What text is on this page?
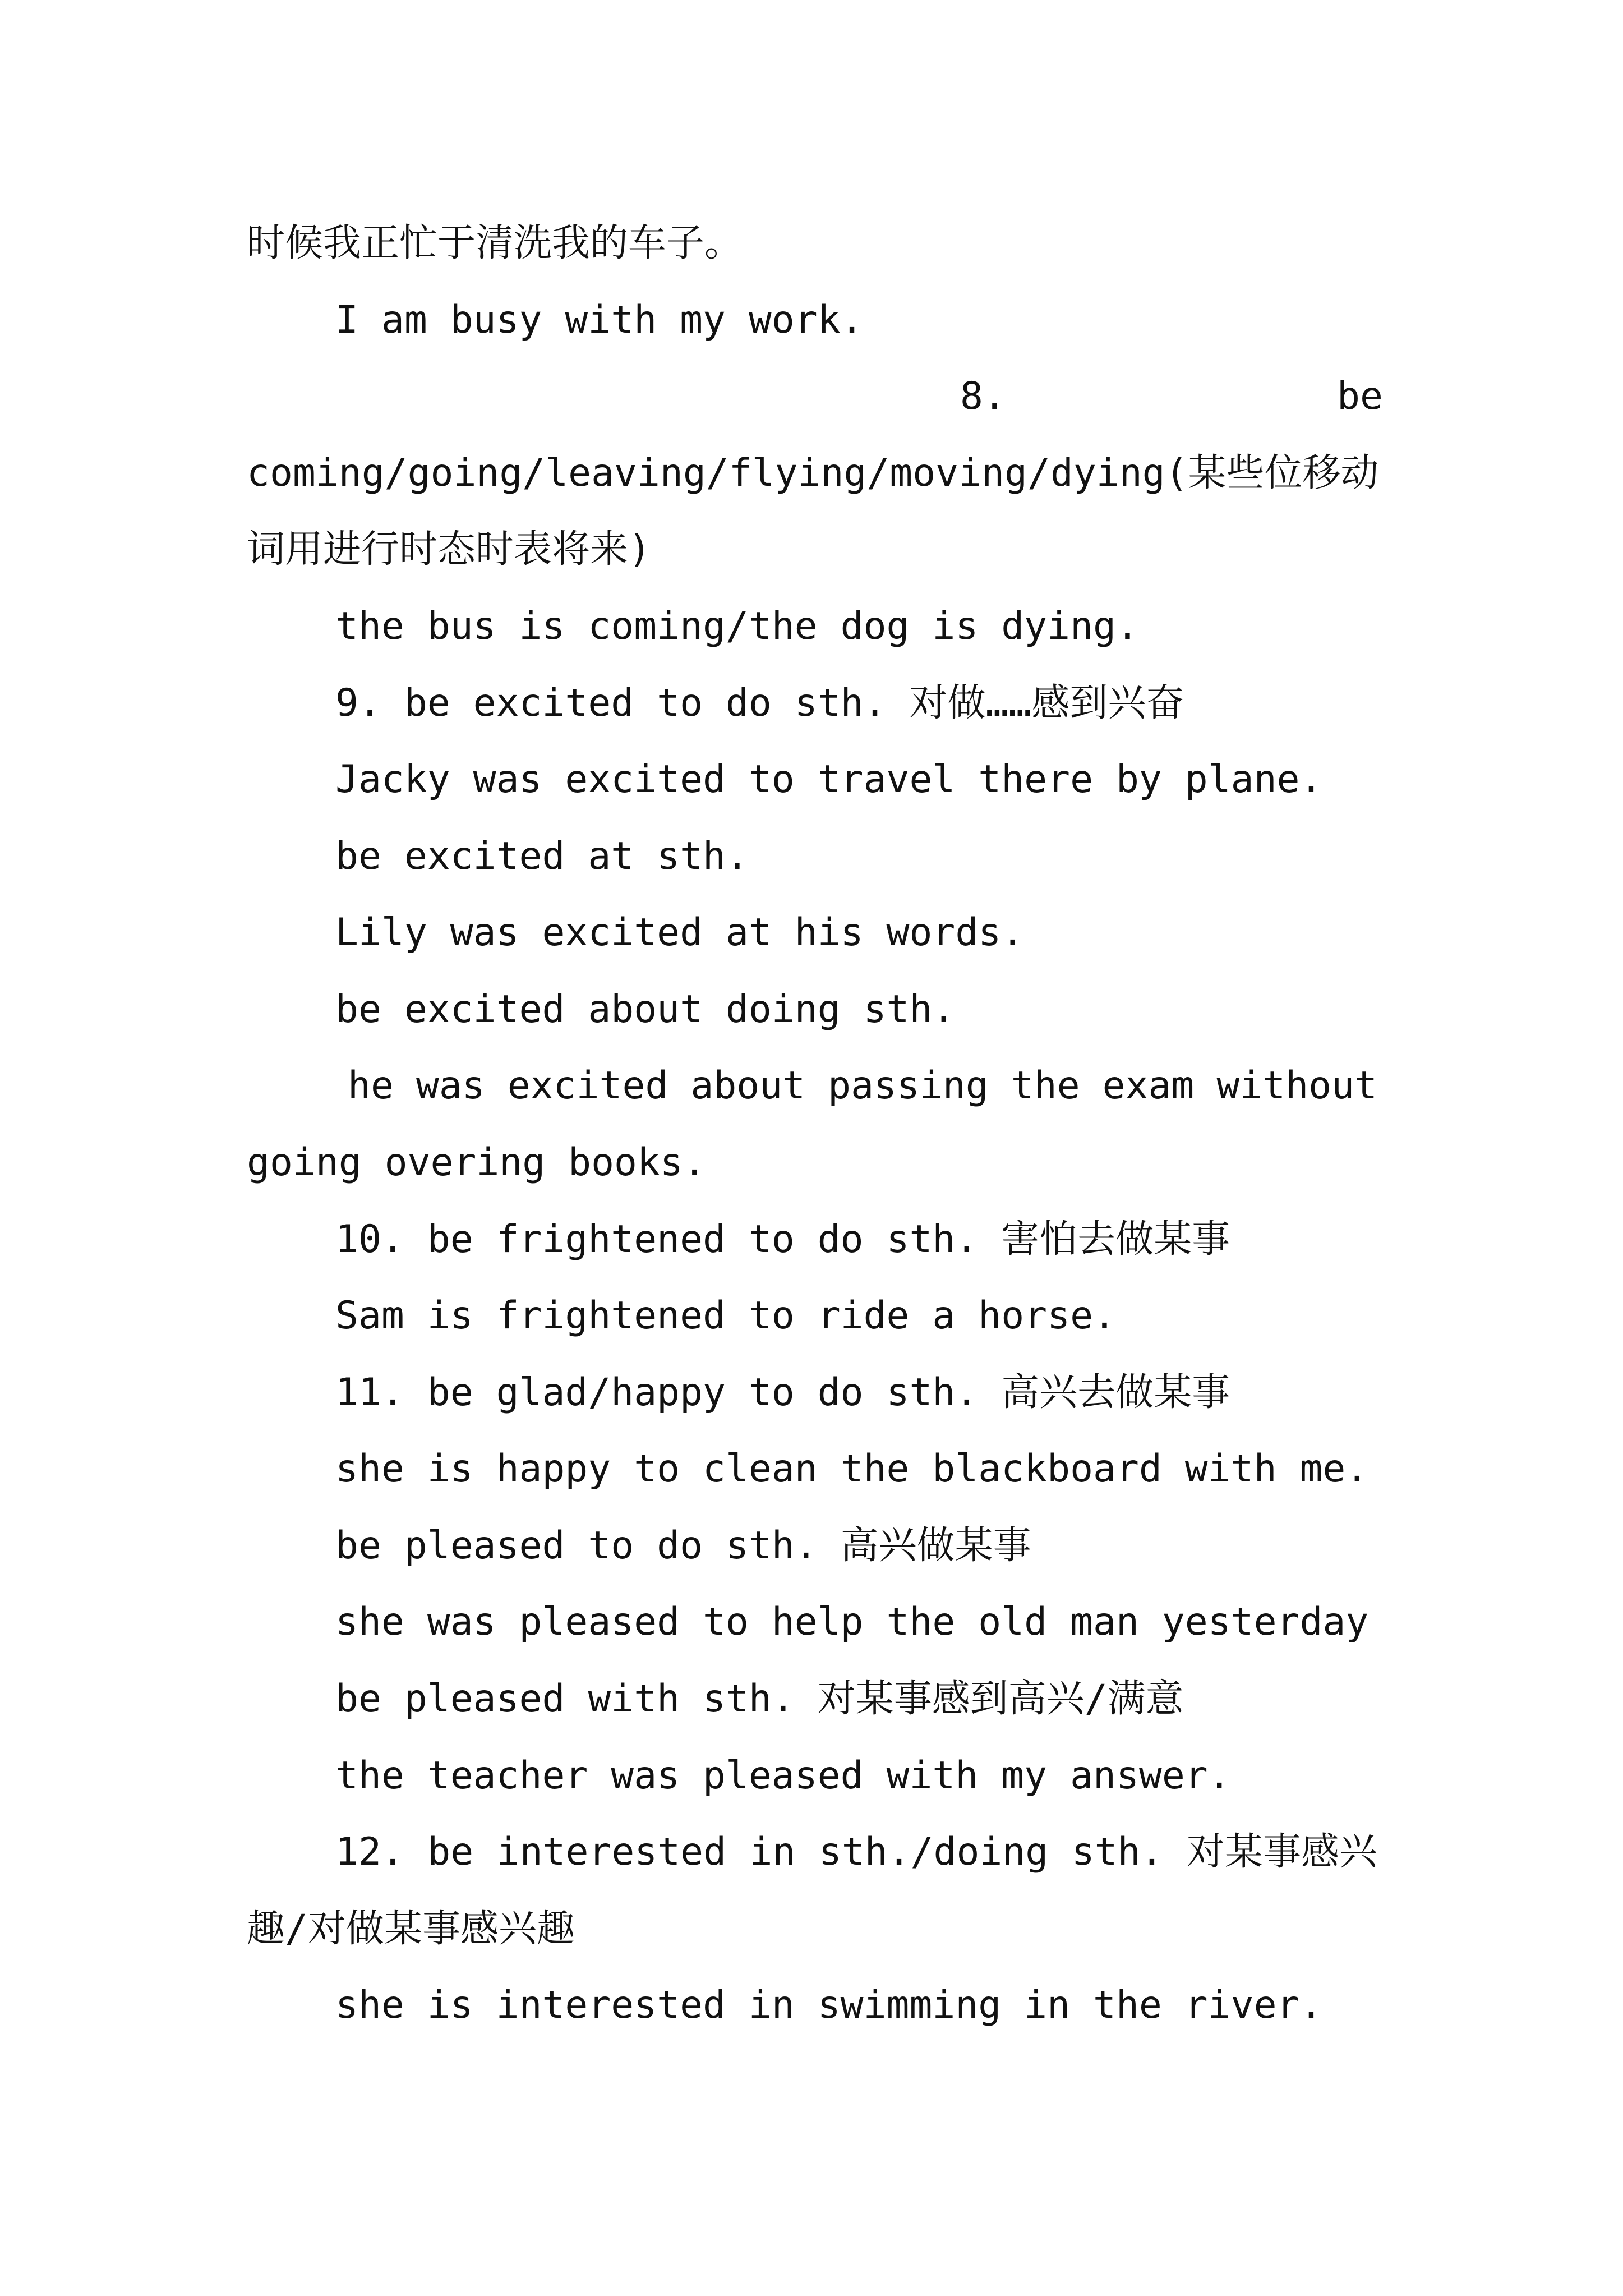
时候我正忙于清洗我的车子。
I am busy with my work.
8.	be
coming/going/leaving/flying/moving/dying(某些位移动
词用进行时态时表将来)
the bus is coming/the dog is dying.
9. be excited to do sth. 对做……感到兴奋
Jacky was excited to travel there by plane.
be excited at sth.
Lily was excited at his words.
be excited about doing sth.
he was excited about passing the exam without
going overing books.
10. be frightened to do sth. 害怕去做某事
Sam is frightened to ride a horse.
11. be glad/happy to do sth. 高兴去做某事
she is happy to clean the blackboard with me.
be pleased to do sth. 高兴做某事
she was pleased to help the old man yesterday
be pleased with sth. 对某事感到高兴/满意
the teacher was pleased with my answer.
12. be interested in sth./doing sth. 对某事感兴
趣/对做某事感兴趣
she is interested in swimming in the river.
